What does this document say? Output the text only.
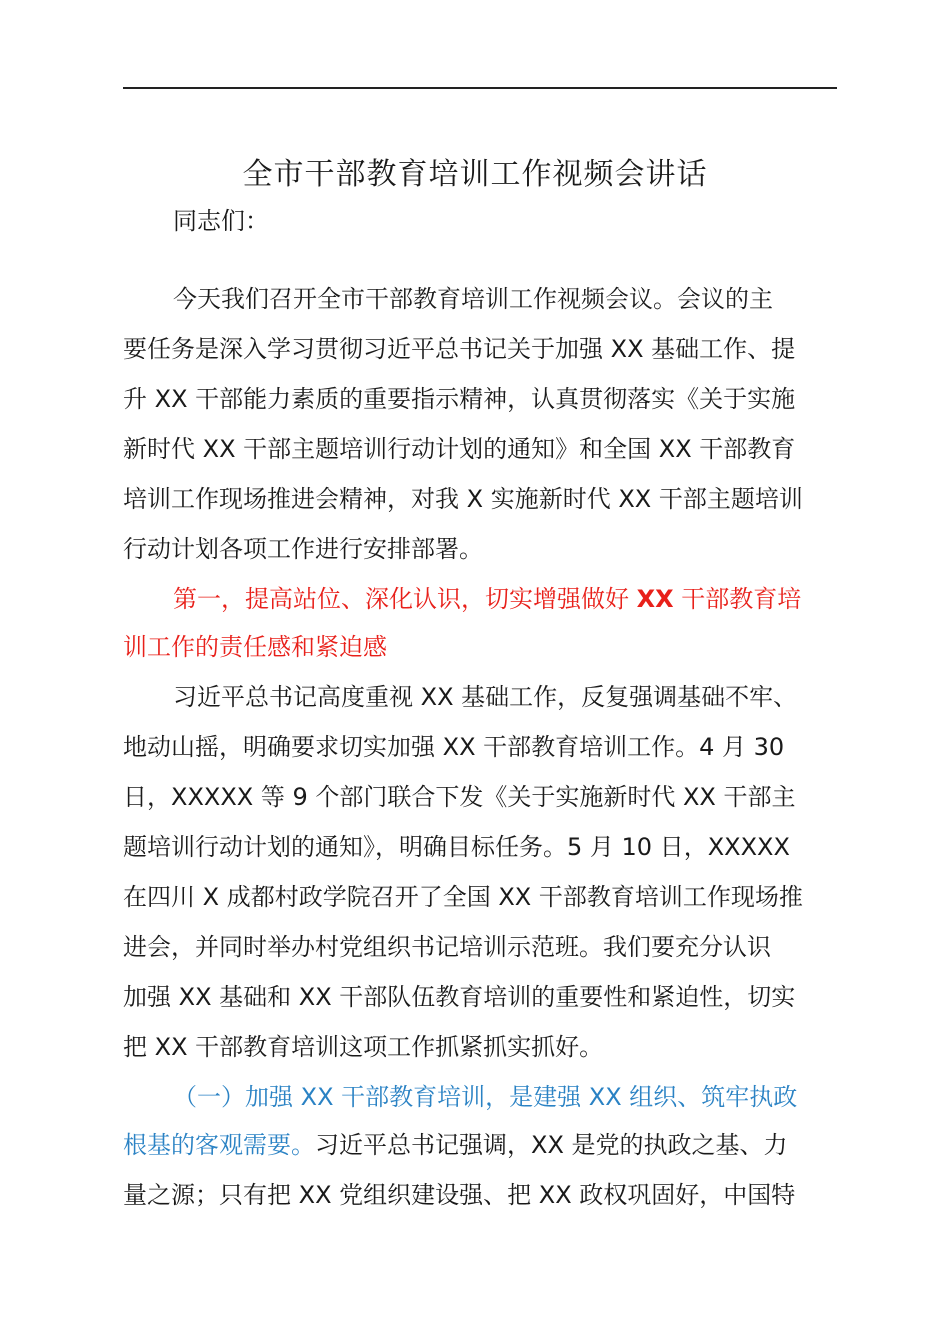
全市干部教育培训工作视频会讲话
同志们：
今天我们召开全市干部教育培训工作视频会议。会议的主
要任务是深入学习贯彻习近平总书记关于加强 XX 基础工作、提
升 XX 干部能力素质的重要指示精神，认真贯彻落实《关于实施
新时代 XX 干部主题培训行动计划的通知》和全国 XX 干部教育
培训工作现场推进会精神，对我 X 实施新时代 XX 干部主题培训
行动计划各项工作进行安排部署。
第一，提高站位、深化认识，切实增强做好 XX 干部教育培
训工作的责任感和紧迫感
习近平总书记高度重视 XX 基础工作，反复强调基础不牢、
地动山摇，明确要求切实加强 XX 干部教育培训工作。4 月 30
日，XXXXX 等 9 个部门联合下发《关于实施新时代 XX 干部主
题培训行动计划的通知》，明确目标任务。5 月 10 日，XXXXX
在四川 X 成都村政学院召开了全国 XX 干部教育培训工作现场推
进会，并同时举办村党组织书记培训示范班。我们要充分认识
加强 XX 基础和 XX 干部队伍教育培训的重要性和紧迫性，切实
把 XX 干部教育培训这项工作抓紧抓实抓好。
（一）加强 XX 干部教育培训，是建强 XX 组织、筑牢执政
根基的客观需要。习近平总书记强调，XX 是党的执政之基、力
量之源；只有把 XX 党组织建设强、把 XX 政权巩固好，中国特
